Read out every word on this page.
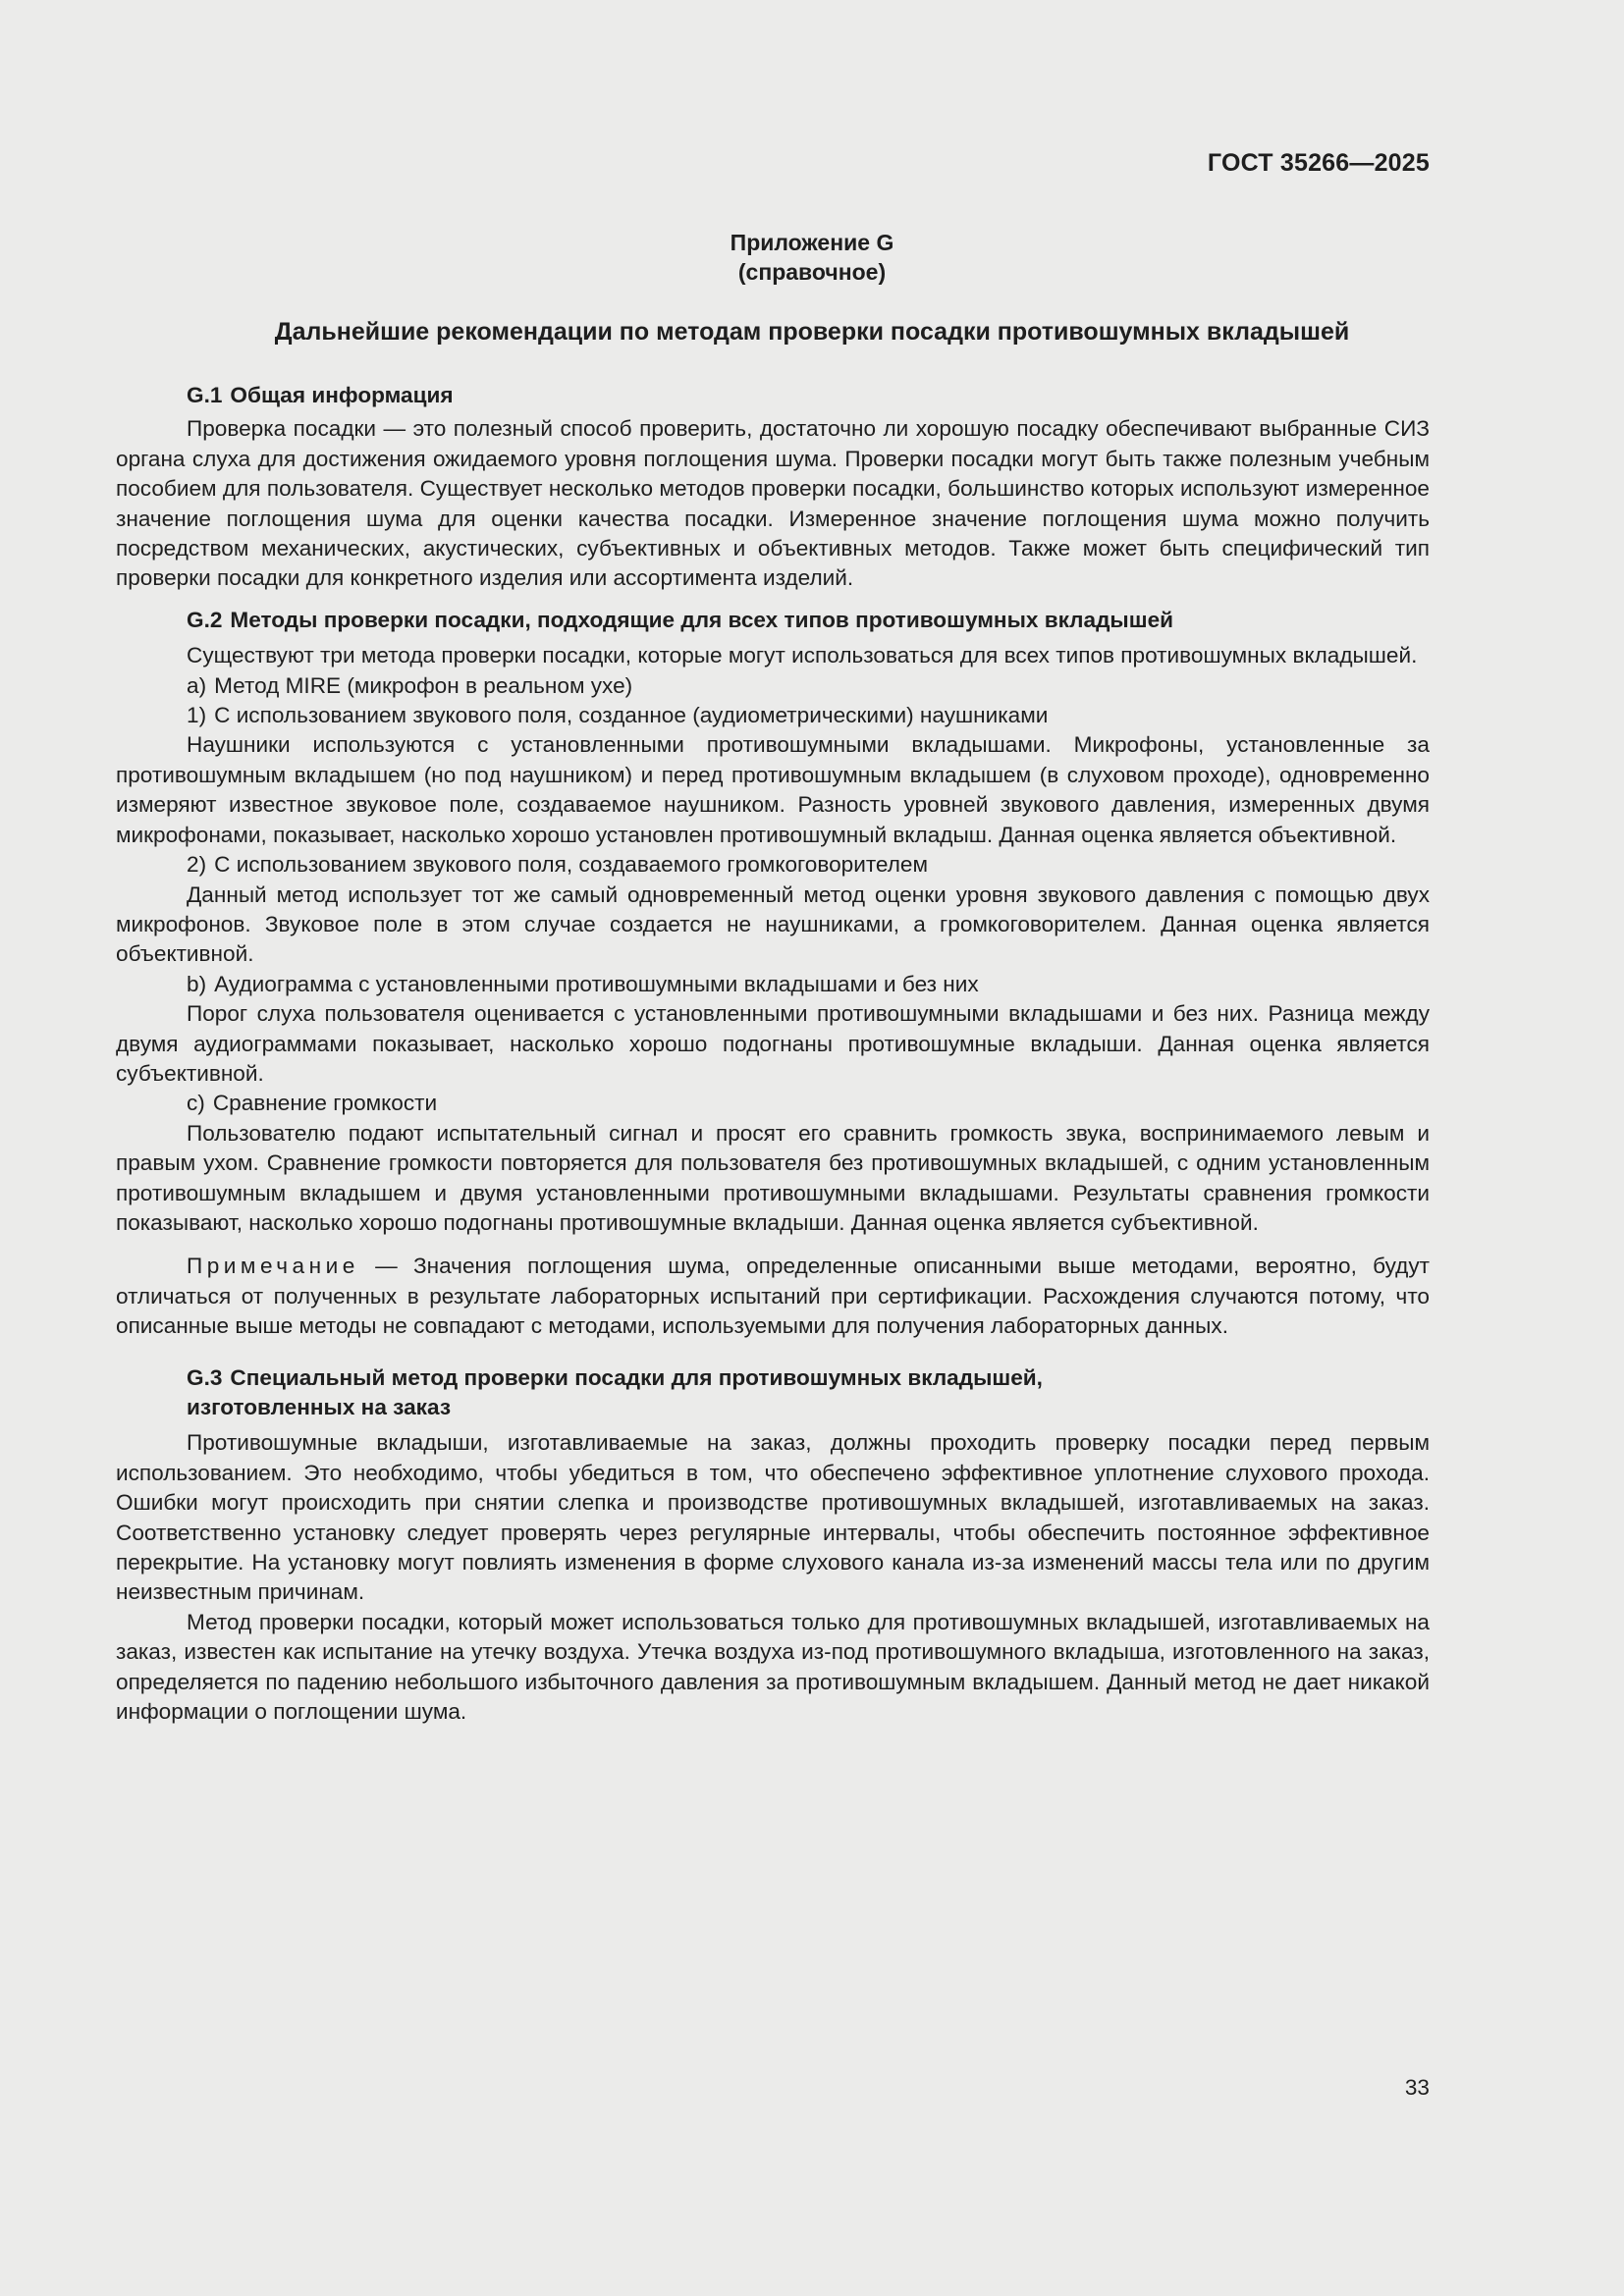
ГОСТ 35266—2025
Приложение G
(справочное)
Дальнейшие рекомендации по методам проверки посадки противошумных вкладышей

G.1 Общая информация

Проверка посадки — это полезный способ проверить, достаточно ли хорошую посадку обеспечивают выбранные СИЗ органа слуха для достижения ожидаемого уровня поглощения шума. Проверки посадки могут быть также полезным учебным пособием для пользователя. Существует несколько методов проверки посадки, большинство которых используют измеренное значение поглощения шума для оценки качества посадки. Измеренное значение поглощения шума можно получить посредством механических, акустических, субъективных и объективных методов. Также может быть специфический тип проверки посадки для конкретного изделия или ассортимента изделий.

G.2 Методы проверки посадки, подходящие для всех типов противошумных вкладышей

Существуют три метода проверки посадки, которые могут использоваться для всех типов противошумных вкладышей.

a) Метод MIRE (микрофон в реальном ухе)

1) С использованием звукового поля, созданное (аудиометрическими) наушниками

Наушники используются с установленными противошумными вкладышами. Микрофоны, установленные за противошумным вкладышем (но под наушником) и перед противошумным вкладышем (в слуховом проходе), одновременно измеряют известное звуковое поле, создаваемое наушником. Разность уровней звукового давления, измеренных двумя микрофонами, показывает, насколько хорошо установлен противошумный вкладыш. Данная оценка является объективной.

2) С использованием звукового поля, создаваемого громкоговорителем

Данный метод использует тот же самый одновременный метод оценки уровня звукового давления с помощью двух микрофонов. Звуковое поле в этом случае создается не наушниками, а громкоговорителем. Данная оценка является объективной.

b) Аудиограмма с установленными противошумными вкладышами и без них

Порог слуха пользователя оценивается с установленными противошумными вкладышами и без них. Разница между двумя аудиограммами показывает, насколько хорошо подогнаны противошумные вкладыши. Данная оценка является субъективной.

c) Сравнение громкости

Пользователю подают испытательный сигнал и просят его сравнить громкость звука, воспринимаемого левым и правым ухом. Сравнение громкости повторяется для пользователя без противошумных вкладышей, с одним установленным противошумным вкладышем и двумя установленными противошумными вкладышами. Результаты сравнения громкости показывают, насколько хорошо подогнаны противошумные вкладыши. Данная оценка является субъективной.

Примечание — Значения поглощения шума, определенные описанными выше методами, вероятно, будут отличаться от полученных в результате лабораторных испытаний при сертификации. Расхождения случаются потому, что описанные выше методы не совпадают с методами, используемыми для получения лабораторных данных.

G.3 Специальный метод проверки посадки для противошумных вкладышей,
изготовленных на заказ

Противошумные вкладыши, изготавливаемые на заказ, должны проходить проверку посадки перед первым использованием. Это необходимо, чтобы убедиться в том, что обеспечено эффективное уплотнение слухового прохода. Ошибки могут происходить при снятии слепка и производстве противошумных вкладышей, изготавливаемых на заказ. Соответственно установку следует проверять через регулярные интервалы, чтобы обеспечить постоянное эффективное перекрытие. На установку могут повлиять изменения в форме слухового канала из-за изменений массы тела или по другим неизвестным причинам.

Метод проверки посадки, который может использоваться только для противошумных вкладышей, изготавливаемых на заказ, известен как испытание на утечку воздуха. Утечка воздуха из-под противошумного вкладыша, изготовленного на заказ, определяется по падению небольшого избыточного давления за противошумным вкладышем. Данный метод не дает никакой информации о поглощении шума.

33
